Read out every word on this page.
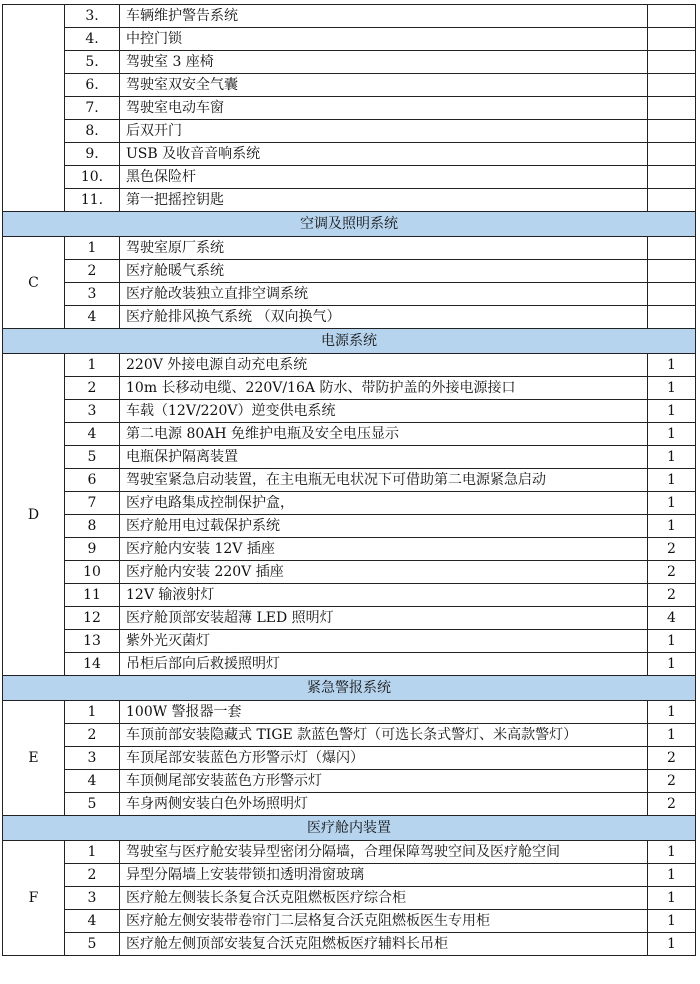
	3.	车辆维护警告系统	
	4.	中控门锁	
	5.	驾驶室 3 座椅	
	6.	驾驶室双安全气囊	
	7.	驾驶室电动车窗	
	8.	后双开门	
	9.	USB 及收音音响系统	
	10.	黑色保险杆	
	11.	第一把摇控钥匙	
空调及照明系统			
C	1	驾驶室原厂系统	
	2	医疗舱暖气系统	
	3	医疗舱改装独立直排空调系统	
	4	医疗舱排风换气系统 （双向换气）	
电源系统			
D	1	220V 外接电源自动充电系统	1
	2	10m 长移动电缆、220V/16A 防水、带防护盖的外接电源接口	1
	3	车载（12V/220V）逆变供电系统	1
	4	第二电源 80AH 免维护电瓶及安全电压显示	1
	5	电瓶保护隔离装置	1
	6	驾驶室紧急启动装置，在主电瓶无电状况下可借助第二电源紧急启动	1
	7	医疗电路集成控制保护盒，	1
	8	医疗舱用电过载保护系统	1
	9	医疗舱内安装 12V 插座	2
	10	医疗舱内安装 220V 插座	2
	11	12V 输液射灯	2
	12	医疗舱顶部安装超薄 LED 照明灯	4
	13	紫外光灭菌灯	1
	14	吊柜后部向后救援照明灯	1
紧急警报系统			
E	1	100W 警报器一套	1
	2	车顶前部安装隐藏式 TIGE 款蓝色警灯（可选长条式警灯、米高款警灯）	1
	3	车顶尾部安装蓝色方形警示灯（爆闪）	2
	4	车顶侧尾部安装蓝色方形警示灯	2
	5	车身两侧安装白色外场照明灯	2
医疗舱内装置			
F	1	驾驶室与医疗舱安装异型密闭分隔墙，合理保障驾驶空间及医疗舱空间	1
	2	异型分隔墙上安装带锁扣透明滑窗玻璃	1
	3	医疗舱左侧装长条复合沃克阻燃板医疗综合柜	1
	4	医疗舱左侧安装带卷帘门二层格复合沃克阻燃板医生专用柜	1
	5	医疗舱左侧顶部安装复合沃克阻燃板医疗辅料长吊柜	1
